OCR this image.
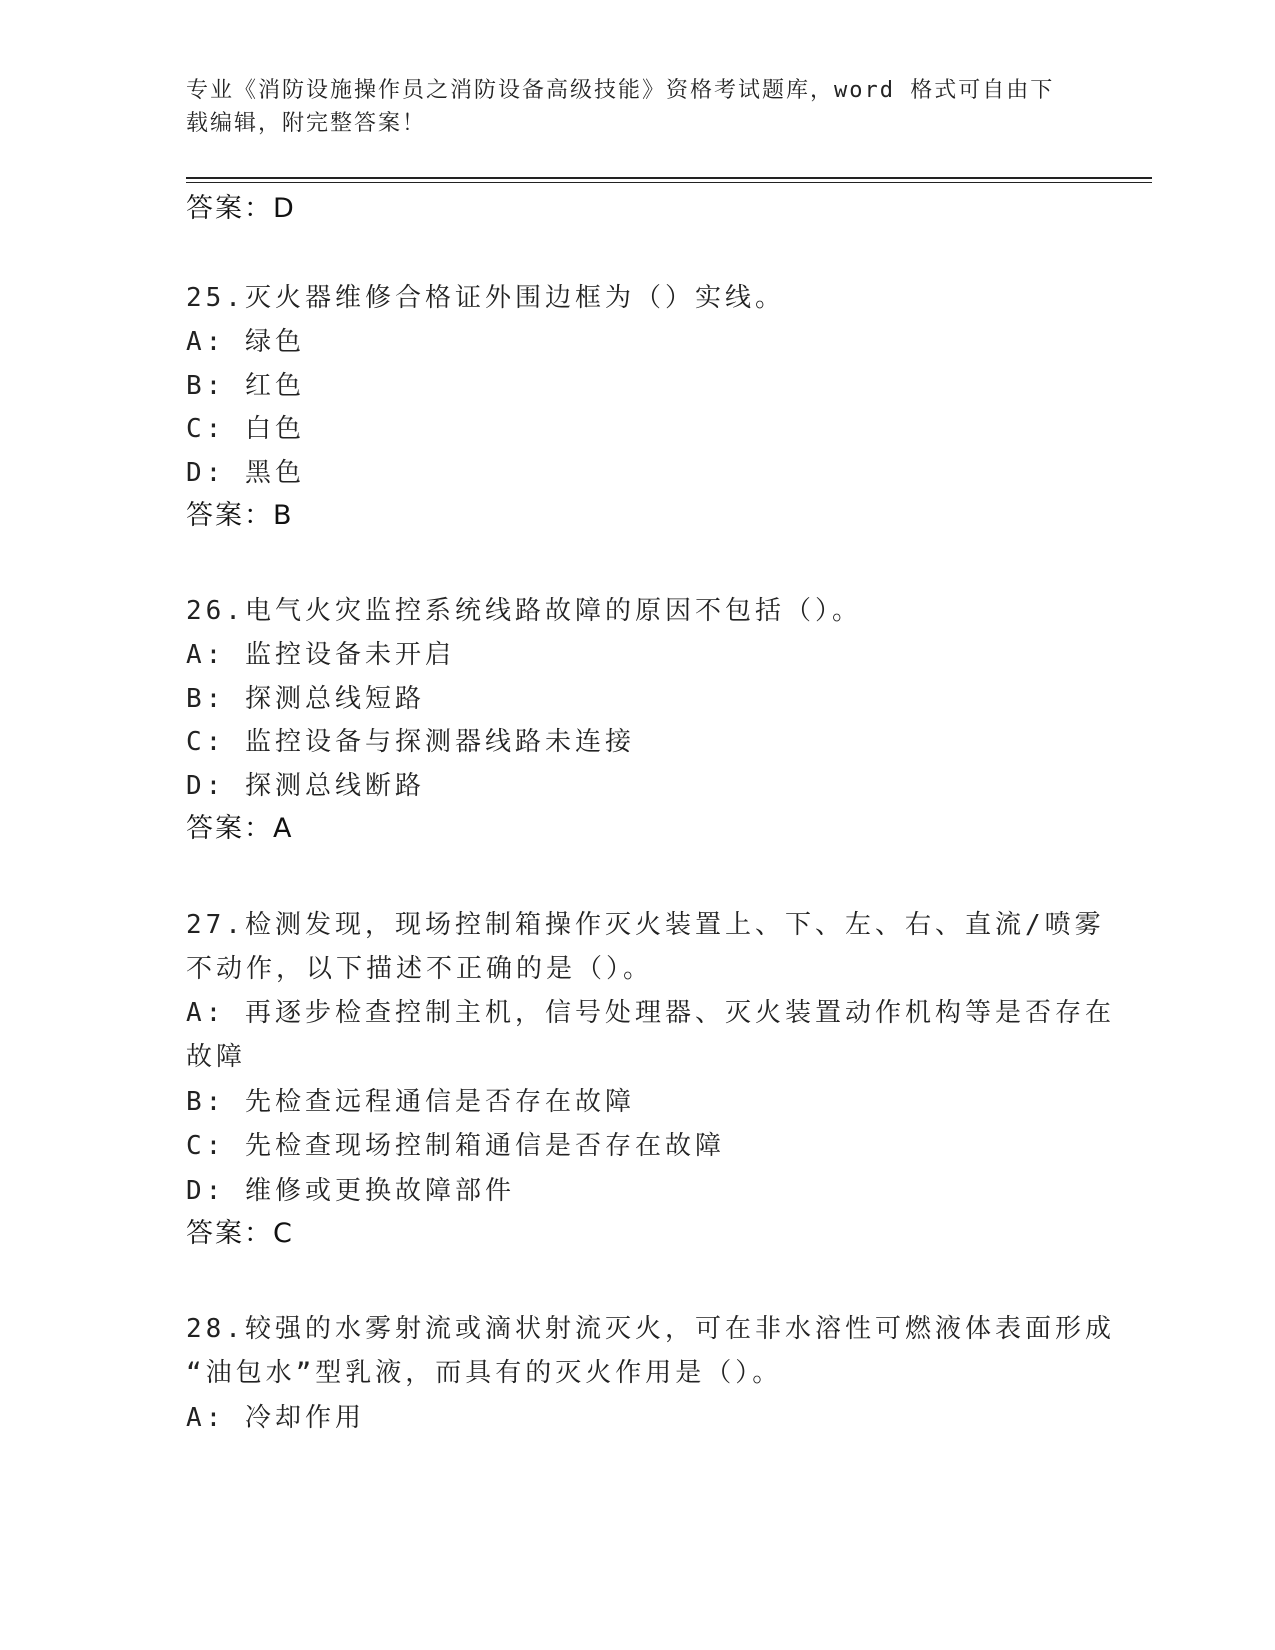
专业《消防设施操作员之消防设备高级技能》资格考试题库，word 格式可自由下
载编辑，附完整答案！
答案：D
25.灭火器维修合格证外围边框为（）实线。
A: 绿色
B: 红色
C: 白色
D: 黑色
答案：B
26.电气火灾监控系统线路故障的原因不包括（）。
A: 监控设备未开启
B: 探测总线短路
C: 监控设备与探测器线路未连接
D: 探测总线断路
答案：A
27.检测发现，现场控制箱操作灭火装置上、下、左、右、直流/喷雾
不动作，以下描述不正确的是（）。
A: 再逐步检查控制主机，信号处理器、灭火装置动作机构等是否存在
故障
B: 先检查远程通信是否存在故障
C: 先检查现场控制箱通信是否存在故障
D: 维修或更换故障部件
答案：C
28.较强的水雾射流或滴状射流灭火，可在非水溶性可燃液体表面形成
“油包水”型乳液，而具有的灭火作用是（）。
A: 冷却作用
